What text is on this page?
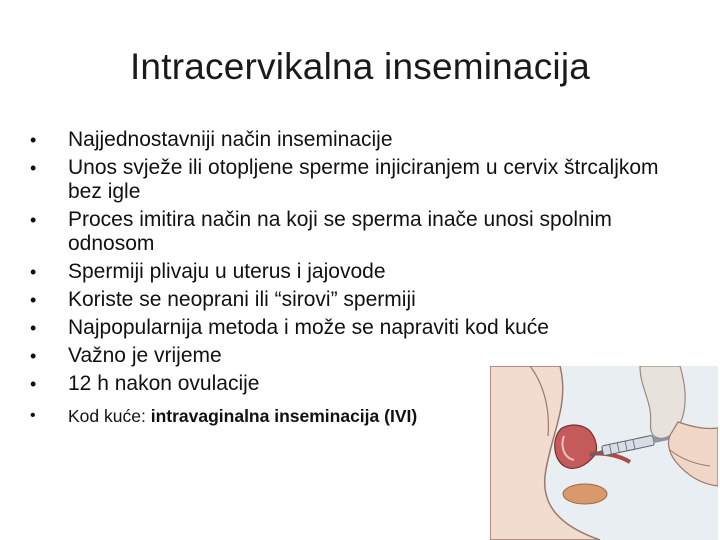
Intracervikalna inseminacija
•	Najjednostavniji način inseminacije
•	Unos svježe ili otopljene sperme injiciranjem u cervix štrcaljkom bez igle
•	Proces imitira način na koji se sperma inače unosi spolnim odnosom
•	Spermiji plivaju u uterus i jajovode
•	Koriste se neoprani ili “sirovi” spermiji
•	Najpopularnija metoda i može se napraviti kod kuće
•	Važno je vrijeme
•	12 h nakon ovulacije
•	Kod kuće: intravaginalna inseminacija (IVI)
